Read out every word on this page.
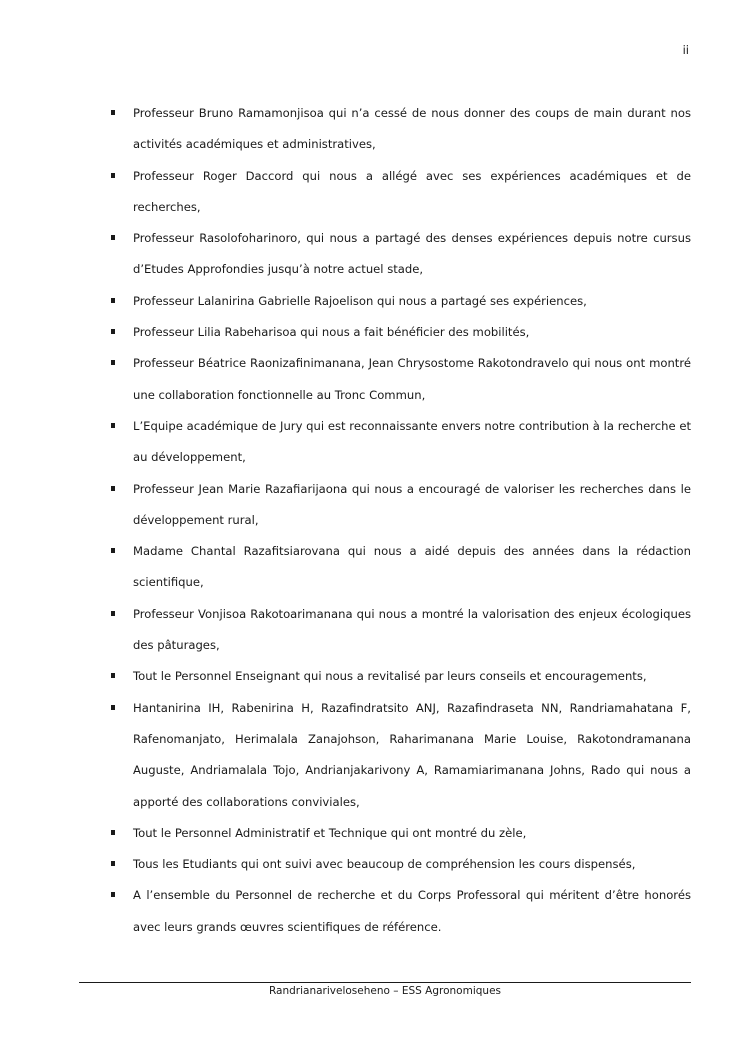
ii
Professeur Bruno Ramamonjisoa qui n’a cessé de nous donner des coups de main durant nos activités académiques et administratives,
Professeur Roger Daccord qui nous a allégé avec ses expériences académiques et de recherches,
Professeur Rasolofoharinoro, qui nous a partagé des denses expériences depuis notre cursus d’Etudes Approfondies jusqu’à notre actuel stade,
Professeur Lalanirina Gabrielle Rajoelison qui nous a partagé ses expériences,
Professeur Lilia Rabeharisoa qui nous a fait bénéficier des mobilités,
Professeur Béatrice Raonizafinimanana, Jean Chrysostome Rakotondravelo qui nous ont montré une collaboration fonctionnelle au Tronc Commun,
L’Equipe académique de Jury qui est reconnaissante envers notre contribution à la recherche et au développement,
Professeur Jean Marie Razafiarijaona qui nous a encouragé de valoriser les recherches dans le développement rural,
Madame Chantal Razafitsiarovana qui nous a aidé depuis des années dans la rédaction scientifique,
Professeur Vonjisoa Rakotoarimanana qui nous a montré la valorisation des enjeux écologiques des pâturages,
Tout le Personnel Enseignant qui nous a revitalisé par leurs conseils et encouragements,
Hantanirina IH, Rabenirina H, Razafindratsito ANJ, Razafindraseta NN, Randriamahatana F, Rafenomanjato, Herimalala Zanajohson, Raharimanana Marie Louise, Rakotondramanana Auguste, Andriamalala Tojo, Andrianjakarivony A, Ramamiarimanana Johns, Rado qui nous a apporté des collaborations conviviales,
Tout le Personnel Administratif et Technique qui ont montré du zèle,
Tous les Etudiants qui ont suivi avec beaucoup de compréhension les cours dispensés,
A l’ensemble du Personnel de recherche et du Corps Professoral qui méritent d’être honorés avec leurs grands œuvres scientifiques de référence.
Randrianariveloseheno – ESS Agronomiques
